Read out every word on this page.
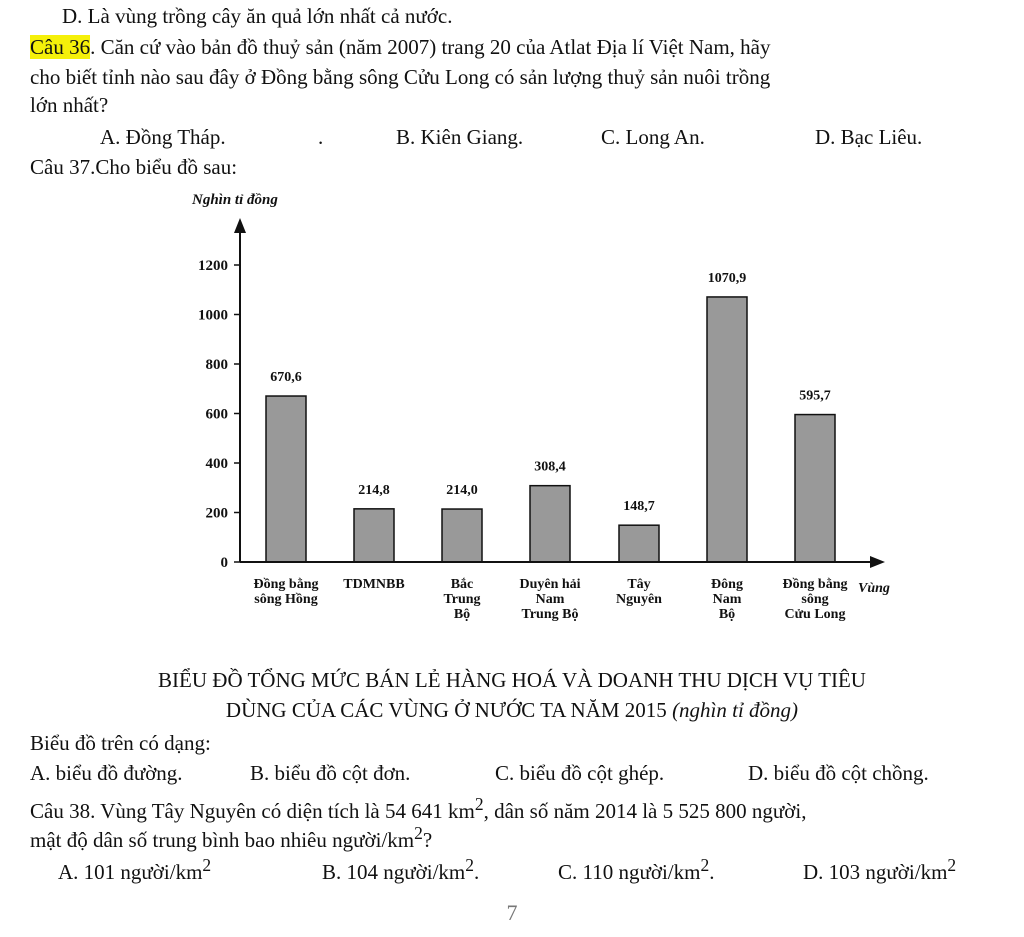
D. Là vùng trồng cây ăn quả lớn nhất cả nước.
Câu 36. Căn cứ vào bản đồ thuỷ sản (năm 2007) trang 20 của Atlat Địa lí Việt Nam, hãy
cho biết tỉnh nào sau đây ở Đồng bằng sông Cửu Long có sản lượng thuỷ sản nuôi trồng
lớn nhất?
A. Đồng Tháp.	.	B. Kiên Giang.	C. Long An.	D. Bạc Liêu.
Câu 37.Cho biểu đồ sau:
Nghìn tỉ đồng
670,6
214,8	214,0
308,4
148,7
1070,9
595,7
0
200
400
600
800
1000
1200
Đồng bằng
sông Hồng
TDMNBB	Bắc
Trung
Bộ
Duyên hải
Nam
Trung Bộ
Tây
Nguyên
Đông
Nam
Bộ
Đồng bằng
sông
Cửu Long
Vùng
BIỂU ĐỒ TỔNG MỨC BÁN LẺ HÀNG HOÁ VÀ DOANH THU DỊCH VỤ TIÊU
DÙNG CỦA CÁC VÙNG Ở NƯỚC TA NĂM 2015 (nghìn tỉ đồng)
Biểu đồ trên có dạng:
A. biểu đồ đường.	B. biểu đồ cột đơn.	C. biểu đồ cột ghép.	D. biểu đồ cột chồng.
Câu 38. Vùng Tây Nguyên có diện tích là 54 641 $km^2$, dân số năm 2014 là 5 525 800 người,
mật độ dân số trung bình bao nhiêu người/$km^2$?
A. 101 người/$km^2$	B. 104 người/$km^2$.	C. 110 người/$km^2$.	D. 103 người/$km^2$
7
